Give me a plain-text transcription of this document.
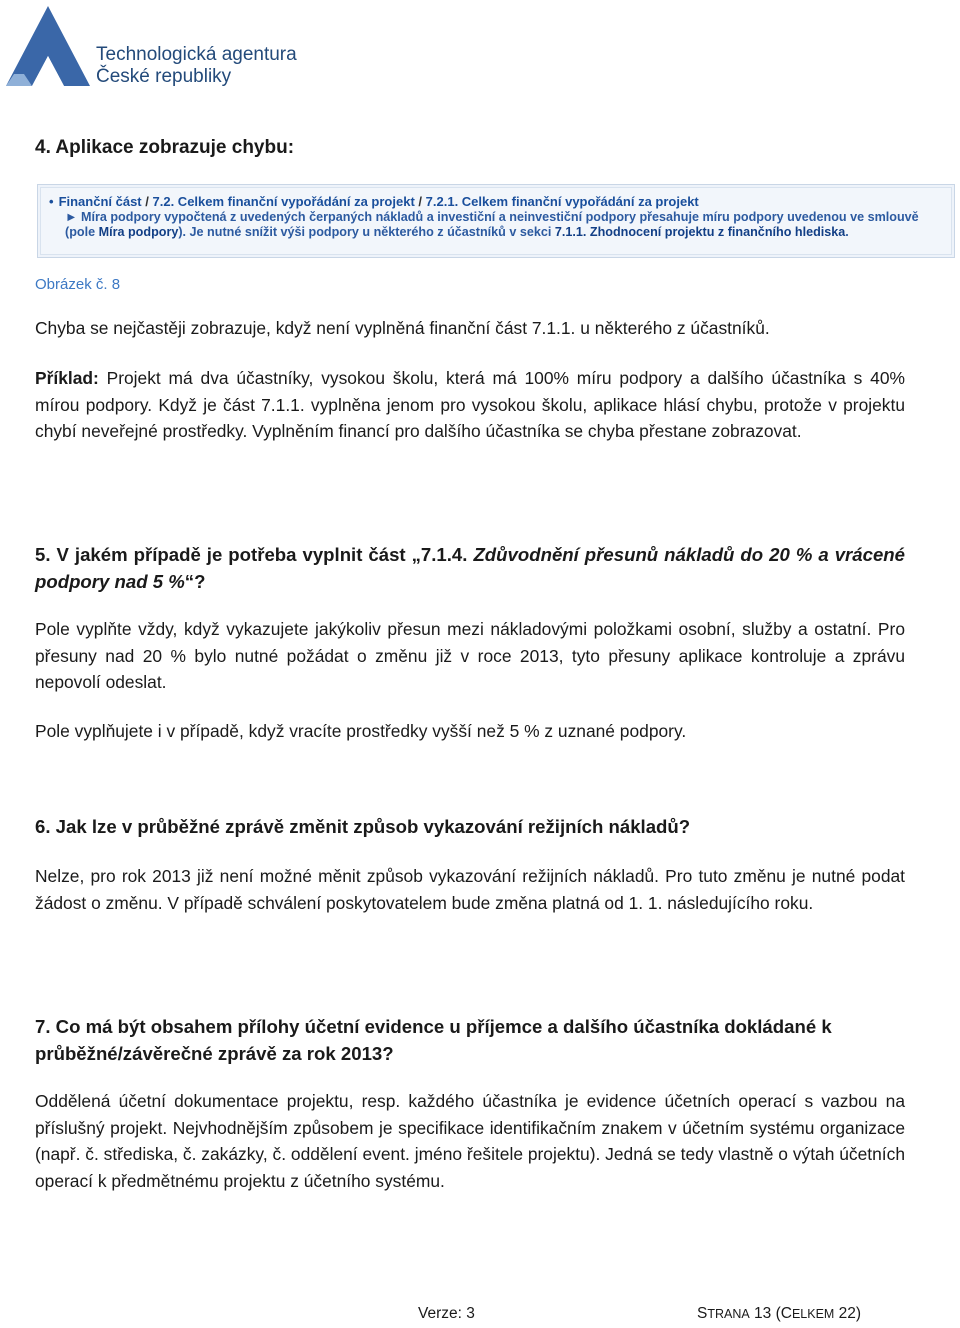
Technologická agentura
České republiky
4. Aplikace zobrazuje chybu:
• Finanční část / 7.2. Celkem finanční vypořádání za projekt / 7.2.1. Celkem finanční vypořádání za projekt
► Míra podpory vypočtená z uvedených čerpaných nákladů a investiční a neinvestiční podpory přesahuje míru podpory uvedenou ve smlouvě (pole Míra podpory). Je nutné snížit výši podpory u některého z účastníků v sekci 7.1.1. Zhodnocení projektu z finančního hlediska.
Obrázek č. 8
Chyba se nejčastěji zobrazuje, když není vyplněná finanční část 7.1.1. u některého z účastníků.
Příklad: Projekt má dva účastníky, vysokou školu, která má 100% míru podpory a dalšího účastníka s 40% mírou podpory. Když je část 7.1.1. vyplněna jenom pro vysokou školu, aplikace hlásí chybu, protože v projektu chybí neveřejné prostředky. Vyplněním financí pro dalšího účastníka se chyba přestane zobrazovat.
5. V jakém případě je potřeba vyplnit část „7.1.4. Zdůvodnění přesunů nákladů do 20 % a vrácené podpory nad 5 %“?
Pole vyplňte vždy, když vykazujete jakýkoliv přesun mezi nákladovými položkami osobní, služby a ostatní. Pro přesuny nad 20 % bylo nutné požádat o změnu již v roce 2013, tyto přesuny aplikace kontroluje a zprávu nepovolí odeslat.
Pole vyplňujete i v případě, když vracíte prostředky vyšší než 5 % z uznané podpory.
6. Jak lze v průběžné zprávě změnit způsob vykazování režijních nákladů?
Nelze, pro rok 2013 již není možné měnit způsob vykazování režijních nákladů. Pro tuto změnu je nutné podat žádost o změnu. V případě schválení poskytovatelem bude změna platná od 1. 1. následujícího roku.
7. Co má být obsahem přílohy účetní evidence u příjemce a dalšího účastníka dokládané k průběžné/závěrečné zprávě za rok 2013?
Oddělená účetní dokumentace projektu, resp. každého účastníka je evidence účetních operací s vazbou na příslušný projekt. Nejvhodnějším způsobem je specifikace identifikačním znakem v účetním systému organizace (např. č. střediska, č. zakázky, č. oddělení event. jméno řešitele projektu). Jedná se tedy vlastně o výtah účetních operací k předmětnému projektu z účetního systému.
Verze: 3	STRANA 13 (CELKEM 22)
